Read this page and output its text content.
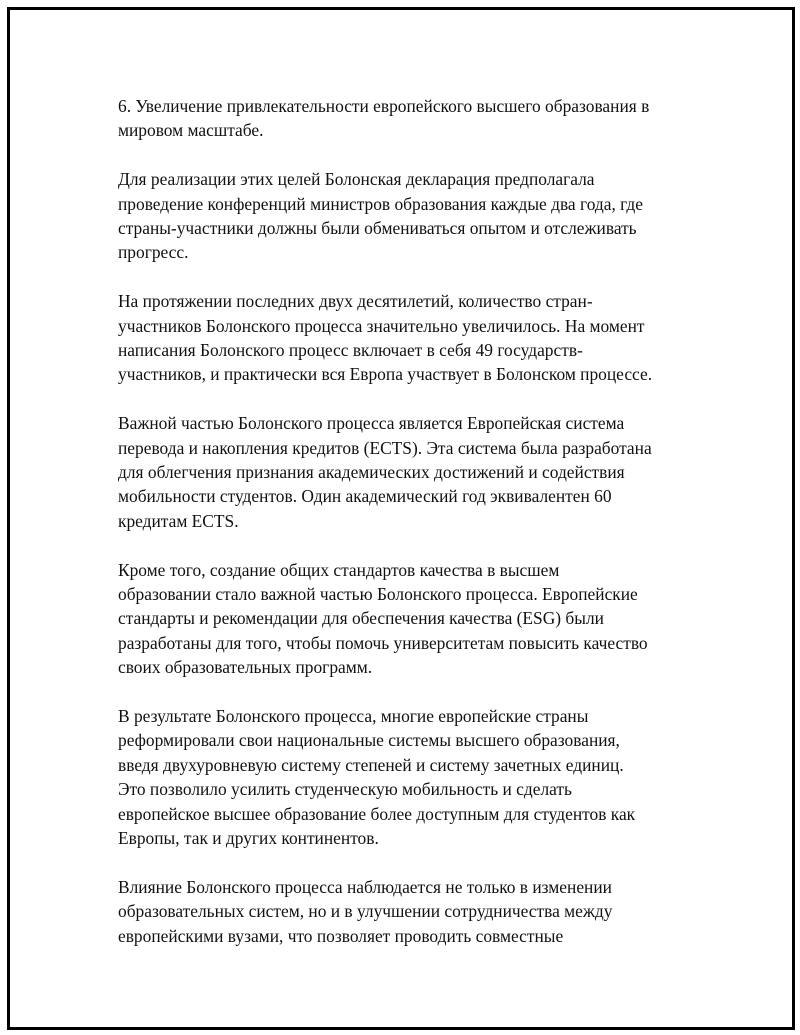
6. Увеличение привлекательности европейского высшего образования в
мировом масштабе.

Для реализации этих целей Болонская декларация предполагала
проведение конференций министров образования каждые два года, где
страны-участники должны были обмениваться опытом и отслеживать
прогресс.

На протяжении последних двух десятилетий, количество стран-
участников Болонского процесса значительно увеличилось. На момент
написания Болонского процесс включает в себя 49 государств-
участников, и практически вся Европа участвует в Болонском процессе.

Важной частью Болонского процесса является Европейская система
перевода и накопления кредитов (ECTS). Эта система была разработана
для облегчения признания академических достижений и содействия
мобильности студентов. Один академический год эквивалентен 60
кредитам ECTS.

Кроме того, создание общих стандартов качества в высшем
образовании стало важной частью Болонского процесса. Европейские
стандарты и рекомендации для обеспечения качества (ESG) были
разработаны для того, чтобы помочь университетам повысить качество
своих образовательных программ.

В результате Болонского процесса, многие европейские страны
реформировали свои национальные системы высшего образования,
введя двухуровневую систему степеней и систему зачетных единиц.
Это позволило усилить студенческую мобильность и сделать
европейское высшее образование более доступным для студентов как
Европы, так и других континентов.

Влияние Болонского процесса наблюдается не только в изменении
образовательных систем, но и в улучшении сотрудничества между
европейскими вузами, что позволяет проводить совместные
